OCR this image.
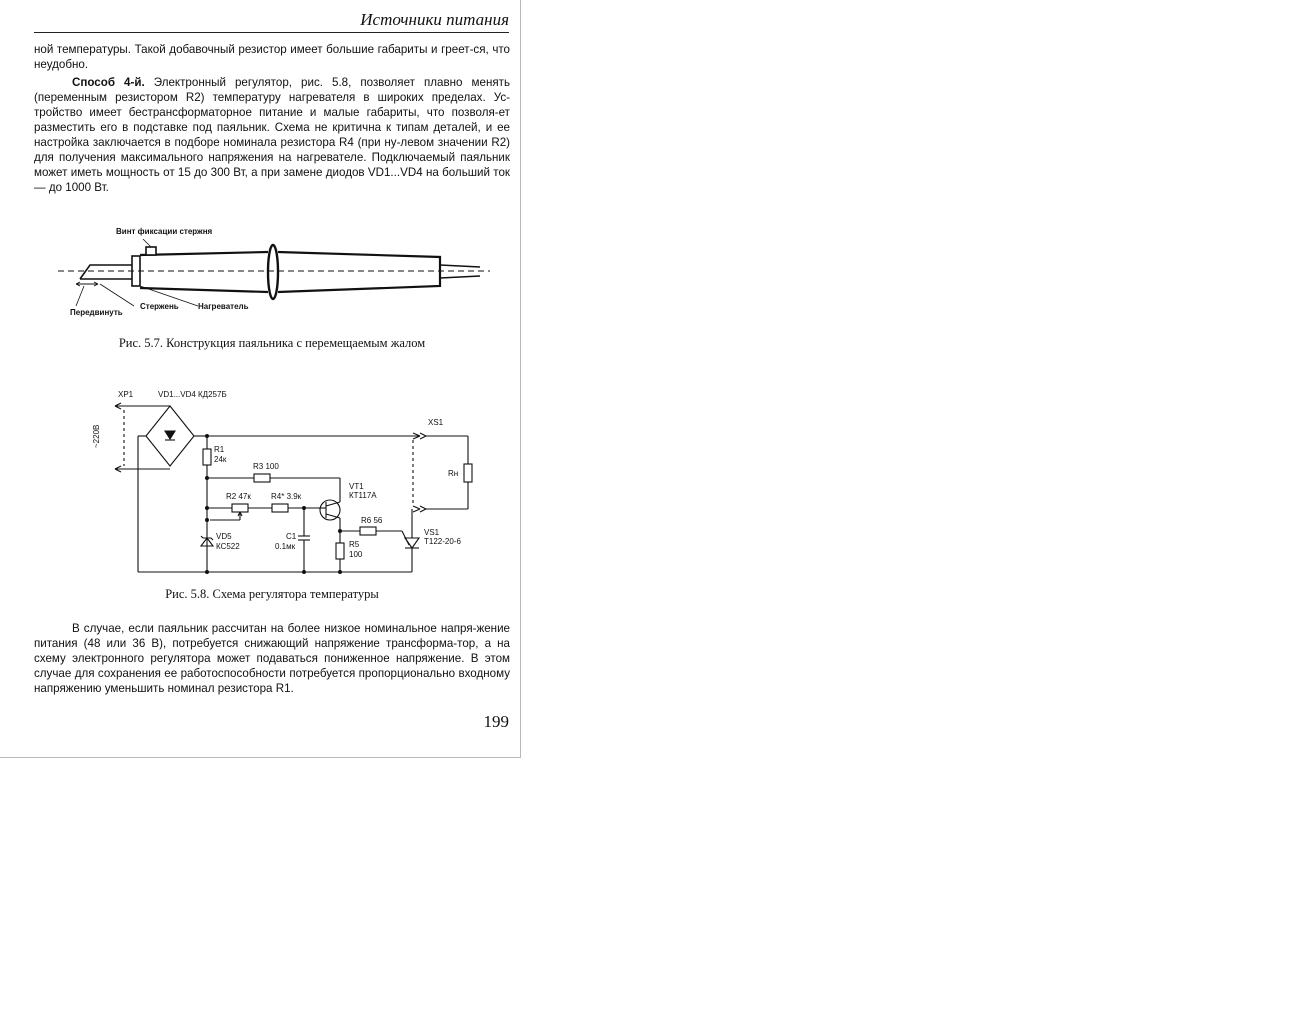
Источники питания
ной температуры. Такой добавочный резистор имеет большие габариты и греет-ся, что неудобно.
Способ 4-й. Электронный регулятор, рис. 5.8, позволяет плавно менять (переменным резистором R2) температуру нагревателя в широких пределах. Ус-тройство имеет бестрансформаторное питание и малые габариты, что позволя-ет разместить его в подставке под паяльник. Схема не критична к типам деталей, и ее настройка заключается в подборе номинала резистора R4 (при ну-левом значении R2) для получения максимального напряжения на нагревателе. Подключаемый паяльник может иметь мощность от 15 до 300 Вт, а при замене диодов VD1...VD4 на больший ток — до 1000 Вт.
Винт фиксации стержня
Передвинуть
Стержень Нагреватель
Рис. 5.7. Конструкция паяльника с перемещаемым жалом
XP1	VD1...VD4 КД257Б
~220В
R1
24к
R3 100
VT1
КТ117А
R2 47к	R4* 3.9к
C1
0.1мк
VD5
КС522
R6 56
R5
100
XS1
Rн
VS1
Т122-20-6
Рис. 5.8. Схема регулятора температуры
В случае, если паяльник рассчитан на более низкое номинальное напря-жение питания (48 или 36 В), потребуется снижающий напряжение трансформа-тор, а на схему электронного регулятора может подаваться пониженное напряжение. В этом случае для сохранения ее работоспособности потребуется пропорционально входному напряжению уменьшить номинал резистора R1.
199
